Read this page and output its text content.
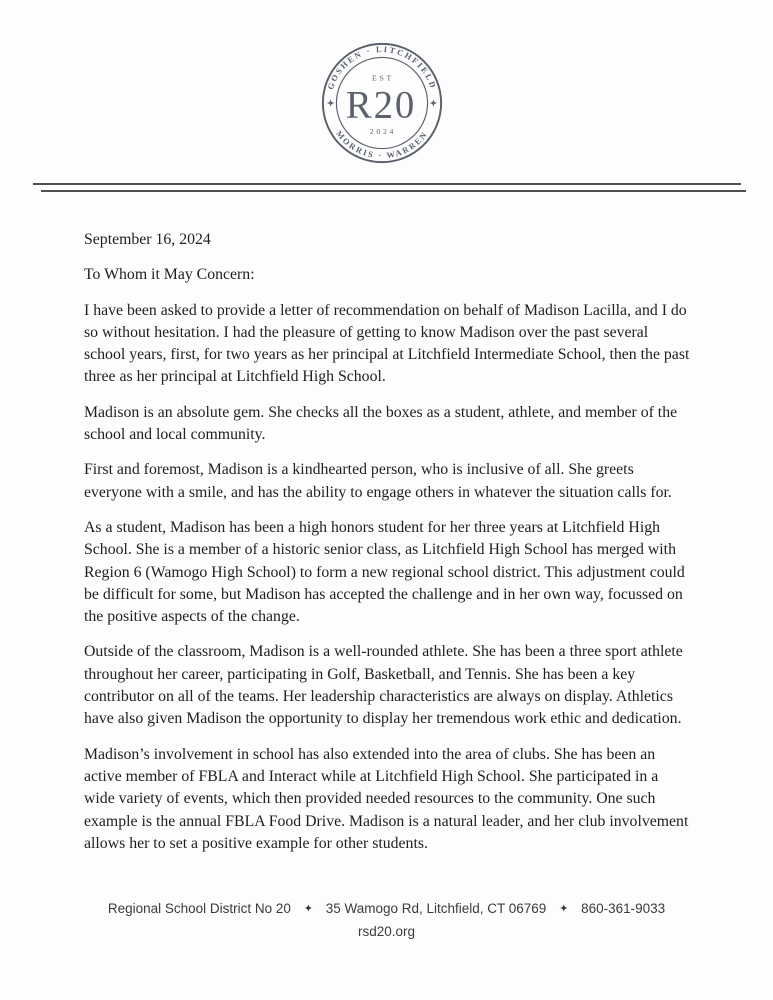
GOSHEN · LITCHFIELD
MORRIS · WARREN
EST
R20
2024

September 16, 2024

To Whom it May Concern:

I have been asked to provide a letter of recommendation on behalf of Madison Lacilla, and I do so without hesitation. I had the pleasure of getting to know Madison over the past several school years, first, for two years as her principal at Litchfield Intermediate School, then the past three as her principal at Litchfield High School.

Madison is an absolute gem. She checks all the boxes as a student, athlete, and member of the school and local community.

First and foremost, Madison is a kindhearted person, who is inclusive of all. She greets everyone with a smile, and has the ability to engage others in whatever the situation calls for.

As a student, Madison has been a high honors student for her three years at Litchfield High School. She is a member of a historic senior class, as Litchfield High School has merged with Region 6 (Wamogo High School) to form a new regional school district. This adjustment could be difficult for some, but Madison has accepted the challenge and in her own way, focussed on the positive aspects of the change.

Outside of the classroom, Madison is a well-rounded athlete. She has been a three sport athlete throughout her career, participating in Golf, Basketball, and Tennis. She has been a key contributor on all of the teams. Her leadership characteristics are always on display. Athletics have also given Madison the opportunity to display her tremendous work ethic and dedication.

Madison’s involvement in school has also extended into the area of clubs. She has been an active member of FBLA and Interact while at Litchfield High School. She participated in a wide variety of events, which then provided needed resources to the community. One such example is the annual FBLA Food Drive. Madison is a natural leader, and her club involvement allows her to set a positive example for other students.

Regional School District No 20 ✦ 35 Wamogo Rd, Litchfield, CT 06769 ✦ 860-361-9033
rsd20.org
